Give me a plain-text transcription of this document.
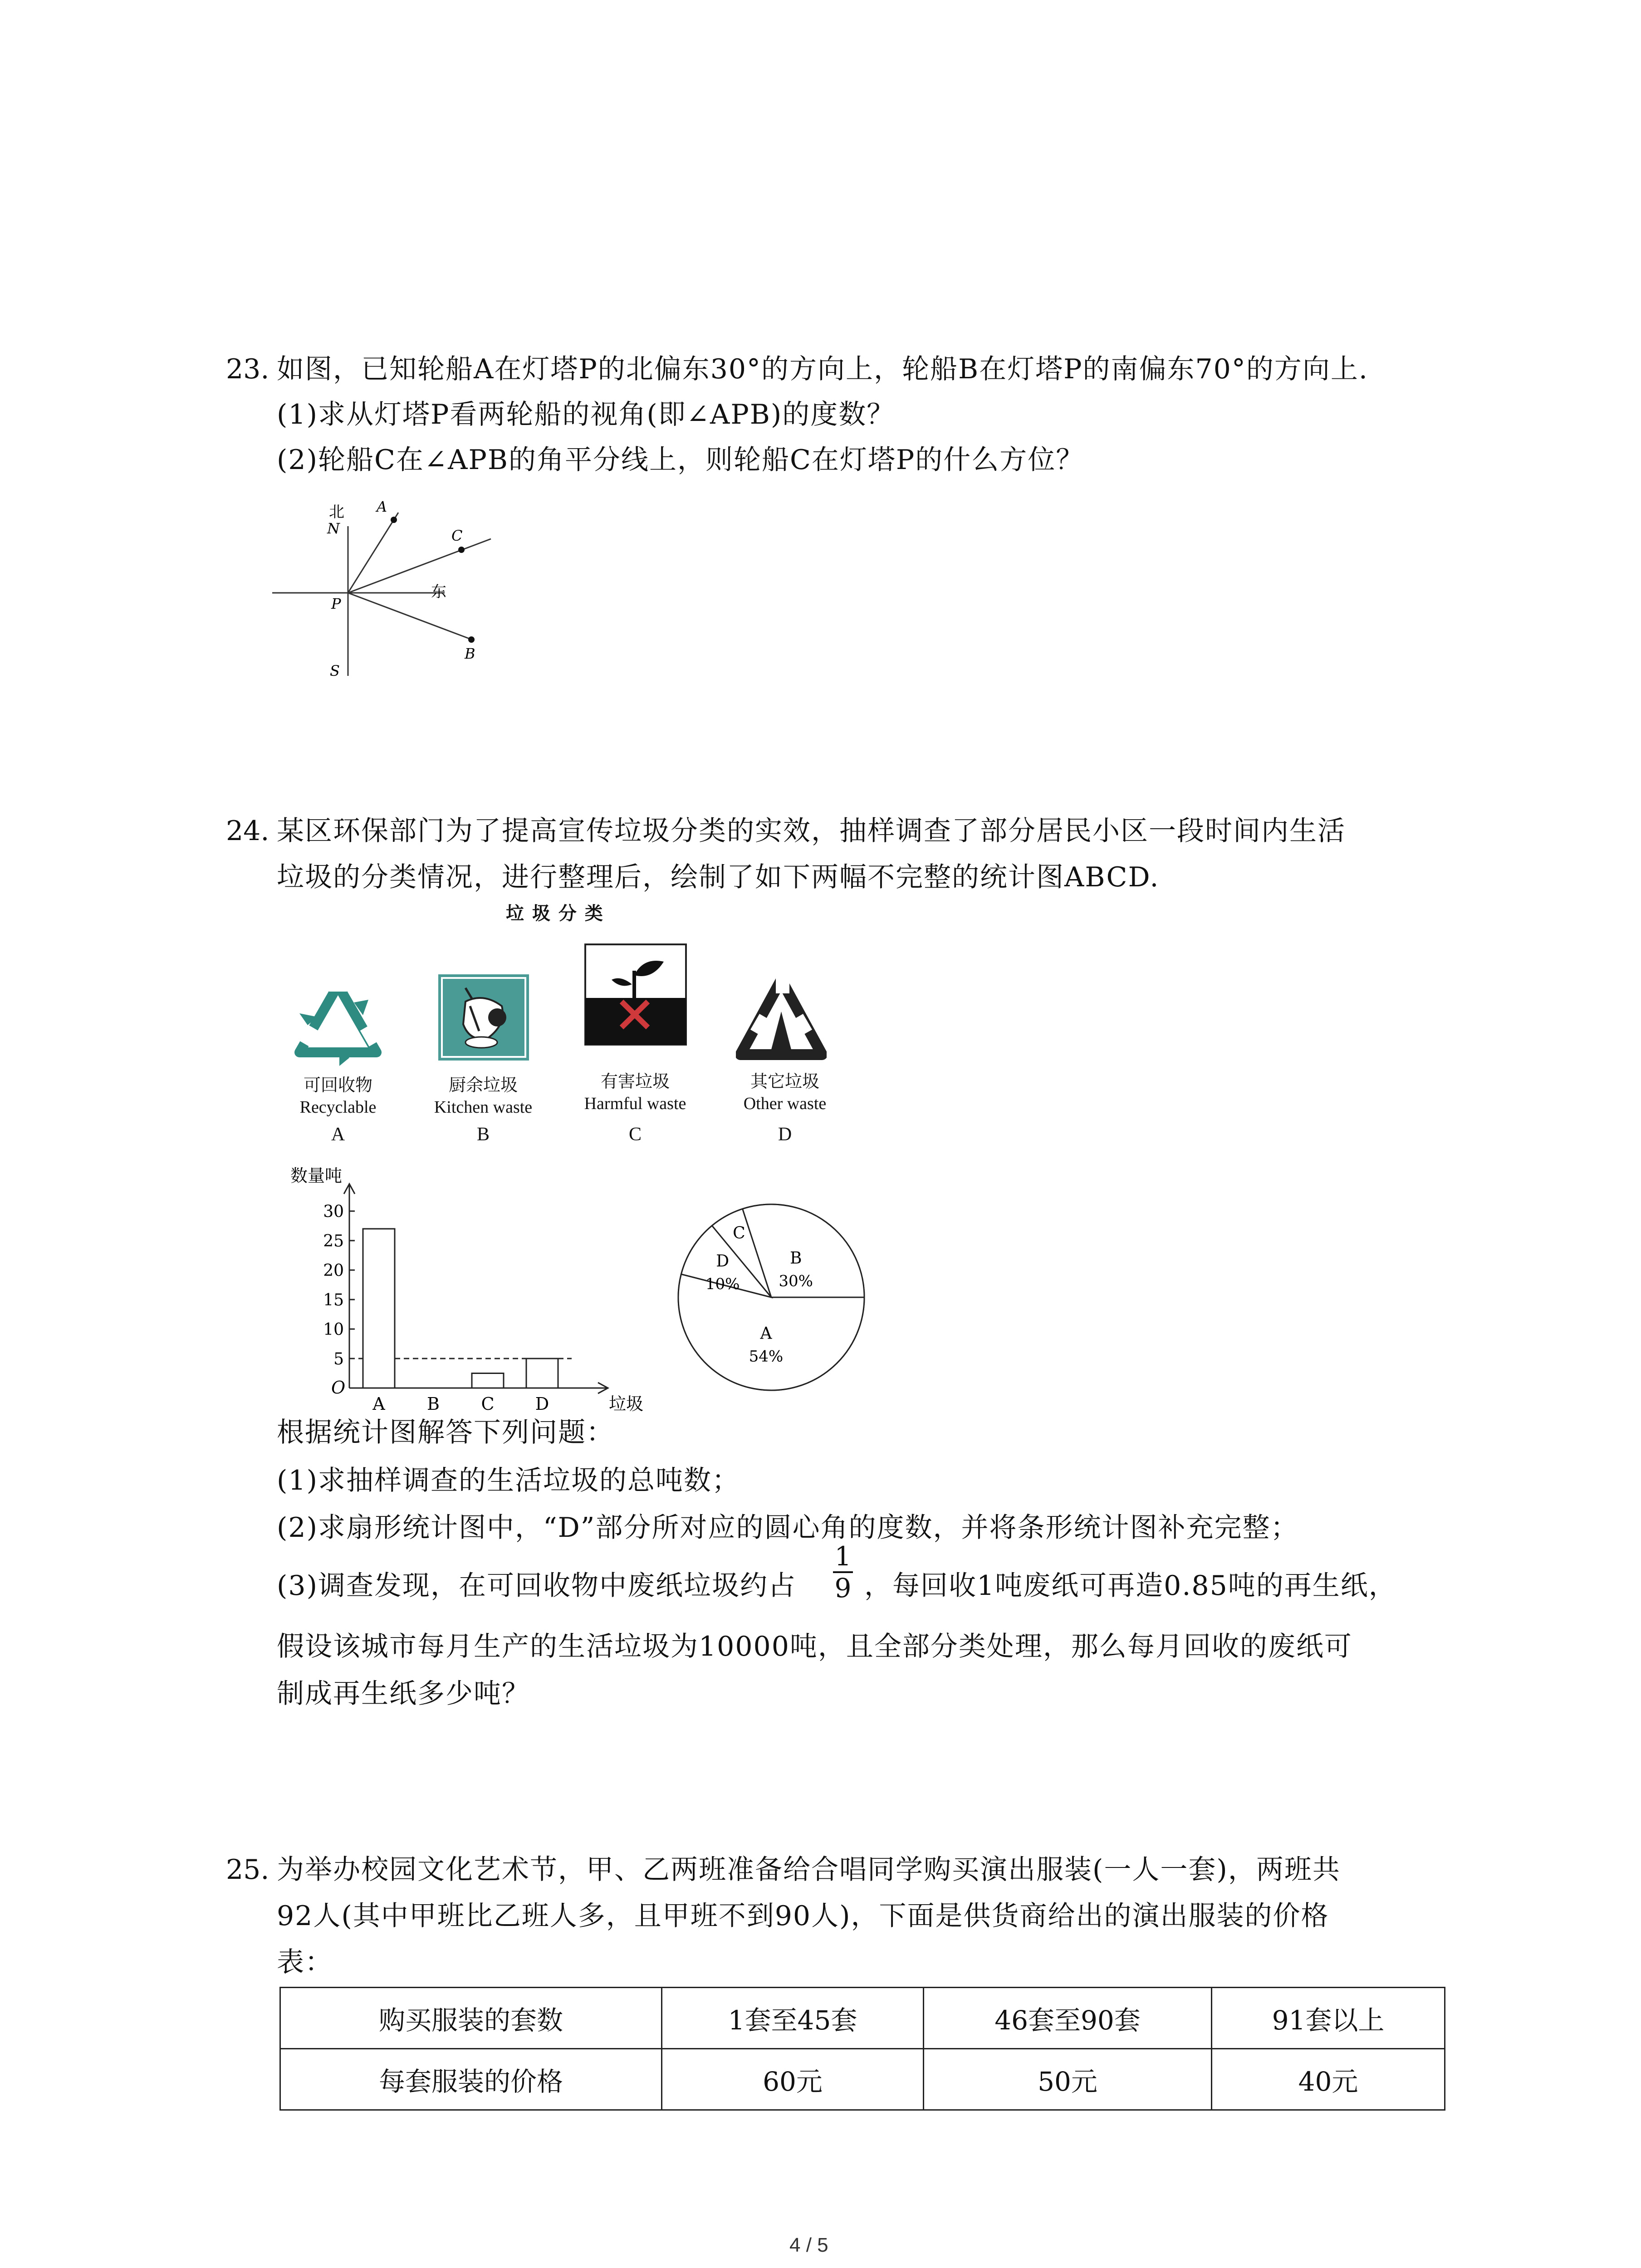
23. 如图，已知轮船A在灯塔P的北偏东30°的方向上，轮船B在灯塔P的南偏东70°的方向上.
(1)求从灯塔P看两轮船的视角(即∠APB)的度数？
(2)轮船C在∠APB的角平分线上，则轮船C在灯塔P的什么方位？
北
N
A
C
东
P
B
S
24. 某区环保部门为了提高宣传垃圾分类的实效，抽样调查了部分居民小区一段时间内生活
垃圾的分类情况，进行整理后，绘制了如下两幅不完整的统计图ABCD.
垃 圾 分 类
可回收物
Recyclable
A
厨余垃圾
Kitchen waste
B
有害垃圾
Harmful waste
C
其它垃圾
Other waste
D
数量吨
垃圾
O
5
10
15
20
25
30
A B C D
A
54%
D
10%
C
B
30%
根据统计图解答下列问题：
(1)求抽样调查的生活垃圾的总吨数；
(2)求扇形统计图中，“D”部分所对应的圆心角的度数，并将条形统计图补充完整；
(3)调查发现，在可回收物中废纸垃圾约占
1
9 ，每回收1吨废纸可再造0.85吨的再生纸，
假设该城市每月生产的生活垃圾为10000吨，且全部分类处理，那么每月回收的废纸可
制成再生纸多少吨？
25. 为举办校园文化艺术节，甲、乙两班准备给合唱同学购买演出服装(一人一套)，两班共
92人(其中甲班比乙班人多，且甲班不到90人)，下面是供货商给出的演出服装的价格
表：
购买服装的套数	1套至45套	46套至90套	91套以上
每套服装的价格	60元	50元	40元
4 / 5
